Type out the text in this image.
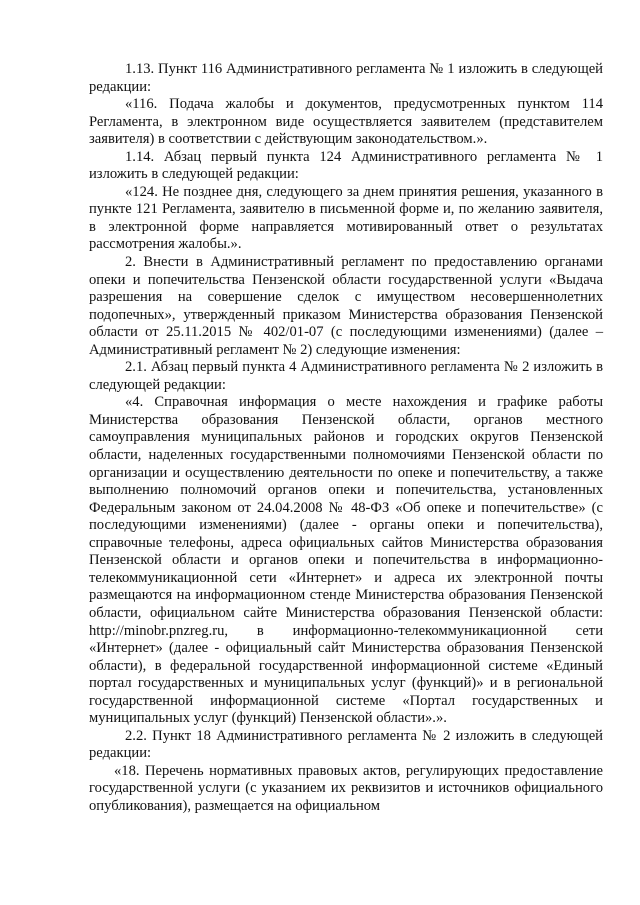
1.13. Пункт 116 Административного регламента № 1 изложить в следующей редакции:

«116. Подача жалобы и документов, предусмотренных пунктом 114 Регламента, в электронном виде осуществляется заявителем (представителем заявителя) в соответствии с действующим законодательством.».

1.14. Абзац первый пункта 124 Административного регламента № 1 изложить в следующей редакции:

«124. Не позднее дня, следующего за днем принятия решения, указанного в пункте 121 Регламента, заявителю в письменной форме и, по желанию заявителя, в электронной форме направляется мотивированный ответ о результатах рассмотрения жалобы.».

2. Внести в Административный регламент по предоставлению органами опеки и попечительства Пензенской области государственной услуги «Выдача разрешения на совершение сделок с имуществом несовершеннолетних подопечных», утвержденный приказом Министерства образования Пензенской области от 25.11.2015 № 402/01-07 (с последующими изменениями) (далее – Административный регламент № 2) следующие изменения:

2.1. Абзац первый пункта 4 Административного регламента № 2 изложить в следующей редакции:

«4. Справочная информация о месте нахождения и графике работы Министерства образования Пензенской области, органов местного самоуправления муниципальных районов и городских округов Пензенской области, наделенных государственными полномочиями Пензенской области по организации и осуществлению деятельности по опеке и попечительству, а также выполнению полномочий органов опеки и попечительства, установленных Федеральным законом от 24.04.2008 № 48-ФЗ «Об опеке и попечительстве» (с последующими изменениями) (далее - органы опеки и попечительства), справочные телефоны, адреса официальных сайтов Министерства образования Пензенской области и органов опеки и попечительства в информационно-телекоммуникационной сети «Интернет» и адреса их электронной почты размещаются на информационном стенде Министерства образования Пензенской области, официальном сайте Министерства образования Пензенской области: http://minobr.pnzreg.ru, в информационно-телекоммуникационной сети «Интернет» (далее - официальный сайт Министерства образования Пензенской области), в федеральной государственной информационной системе «Единый портал государственных и муниципальных услуг (функций)» и в региональной государственной информационной системе «Портал государственных и муниципальных услуг (функций) Пензенской области».».

2.2. Пункт 18 Административного регламента № 2 изложить в следующей редакции:

«18. Перечень нормативных правовых актов, регулирующих предоставление государственной услуги (с указанием их реквизитов и источников официального опубликования), размещается на официальном
